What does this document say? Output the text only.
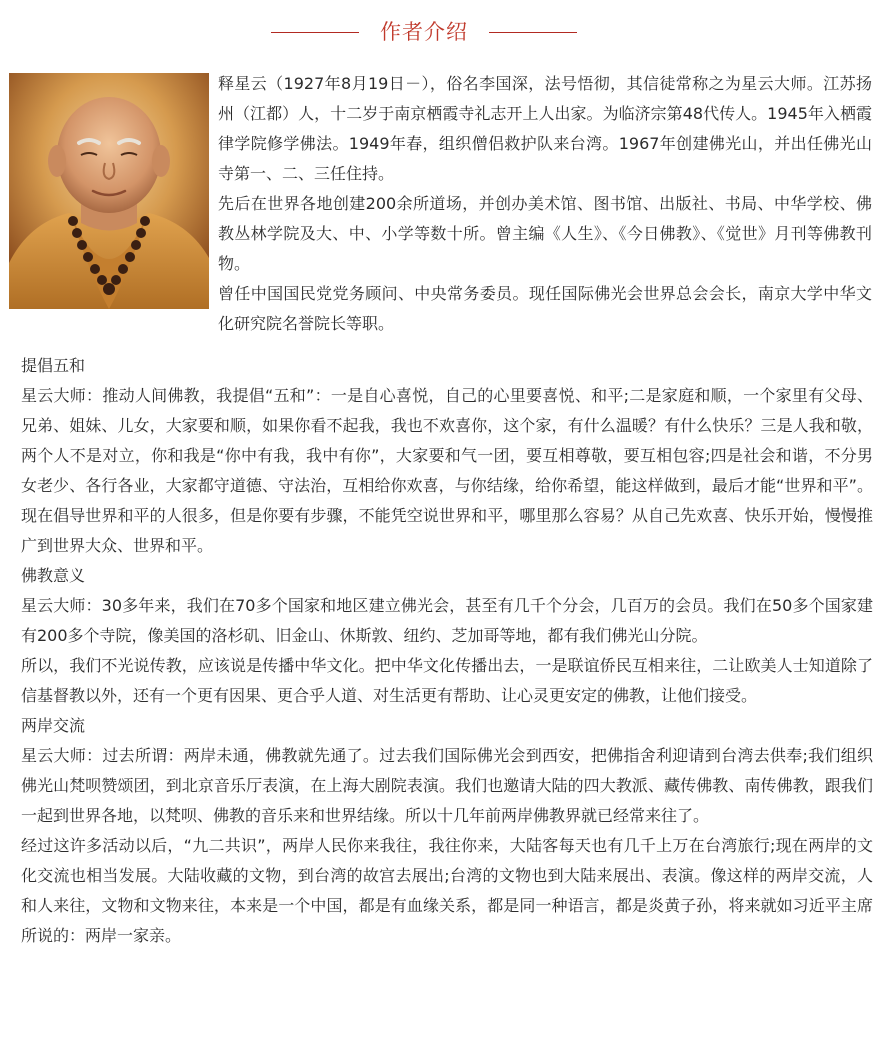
作者介绍

释星云（1927年8月19日－），俗名李国深，法号悟彻，其信徒常称之为星云大师。江苏扬州（江都）人，十二岁于南京栖霞寺礼志开上人出家。为临济宗第48代传人。1945年入栖霞律学院修学佛法。1949年春，组织僧侣救护队来台湾。1967年创建佛光山，并出任佛光山寺第一、二、三任住持。

先后在世界各地创建200余所道场，并创办美术馆、图书馆、出版社、书局、中华学校、佛教丛林学院及大、中、小学等数十所。曾主编《人生》、《今日佛教》、《觉世》月刊等佛教刊物。

曾任中国国民党党务顾问、中央常务委员。现任国际佛光会世界总会会长，南京大学中华文化研究院名誉院长等职。

提倡五和

星云大师：推动人间佛教，我提倡“五和”：一是自心喜悦，自己的心里要喜悦、和平;二是家庭和顺，一个家里有父母、兄弟、姐妹、儿女，大家要和顺，如果你看不起我，我也不欢喜你，这个家，有什么温暖？有什么快乐？三是人我和敬，两个人不是对立，你和我是“你中有我，我中有你”，大家要和气一团，要互相尊敬，要互相包容;四是社会和谐，不分男女老少、各行各业，大家都守道德、守法治，互相给你欢喜，与你结缘，给你希望，能这样做到，最后才能“世界和平”。现在倡导世界和平的人很多，但是你要有步骤，不能凭空说世界和平，哪里那么容易？从自己先欢喜、快乐开始，慢慢推广到世界大众、世界和平。

佛教意义

星云大师：30多年来，我们在70多个国家和地区建立佛光会，甚至有几千个分会，几百万的会员。我们在50多个国家建有200多个寺院，像美国的洛杉矶、旧金山、休斯敦、纽约、芝加哥等地，都有我们佛光山分院。

所以，我们不光说传教，应该说是传播中华文化。把中华文化传播出去，一是联谊侨民互相来往，二让欧美人士知道除了信基督教以外，还有一个更有因果、更合乎人道、对生活更有帮助、让心灵更安定的佛教，让他们接受。

两岸交流

星云大师：过去所谓：两岸未通，佛教就先通了。过去我们国际佛光会到西安，把佛指舍利迎请到台湾去供奉;我们组织佛光山梵呗赞颂团，到北京音乐厅表演，在上海大剧院表演。我们也邀请大陆的四大教派、藏传佛教、南传佛教，跟我们一起到世界各地，以梵呗、佛教的音乐来和世界结缘。所以十几年前两岸佛教界就已经常来往了。

经过这许多活动以后，“九二共识”，两岸人民你来我往，我往你来，大陆客每天也有几千上万在台湾旅行;现在两岸的文化交流也相当发展。大陆收藏的文物，到台湾的故宫去展出;台湾的文物也到大陆来展出、表演。像这样的两岸交流，人和人来往，文物和文物来往，本来是一个中国，都是有血缘关系，都是同一种语言，都是炎黄子孙，将来就如习近平主席所说的：两岸一家亲。
